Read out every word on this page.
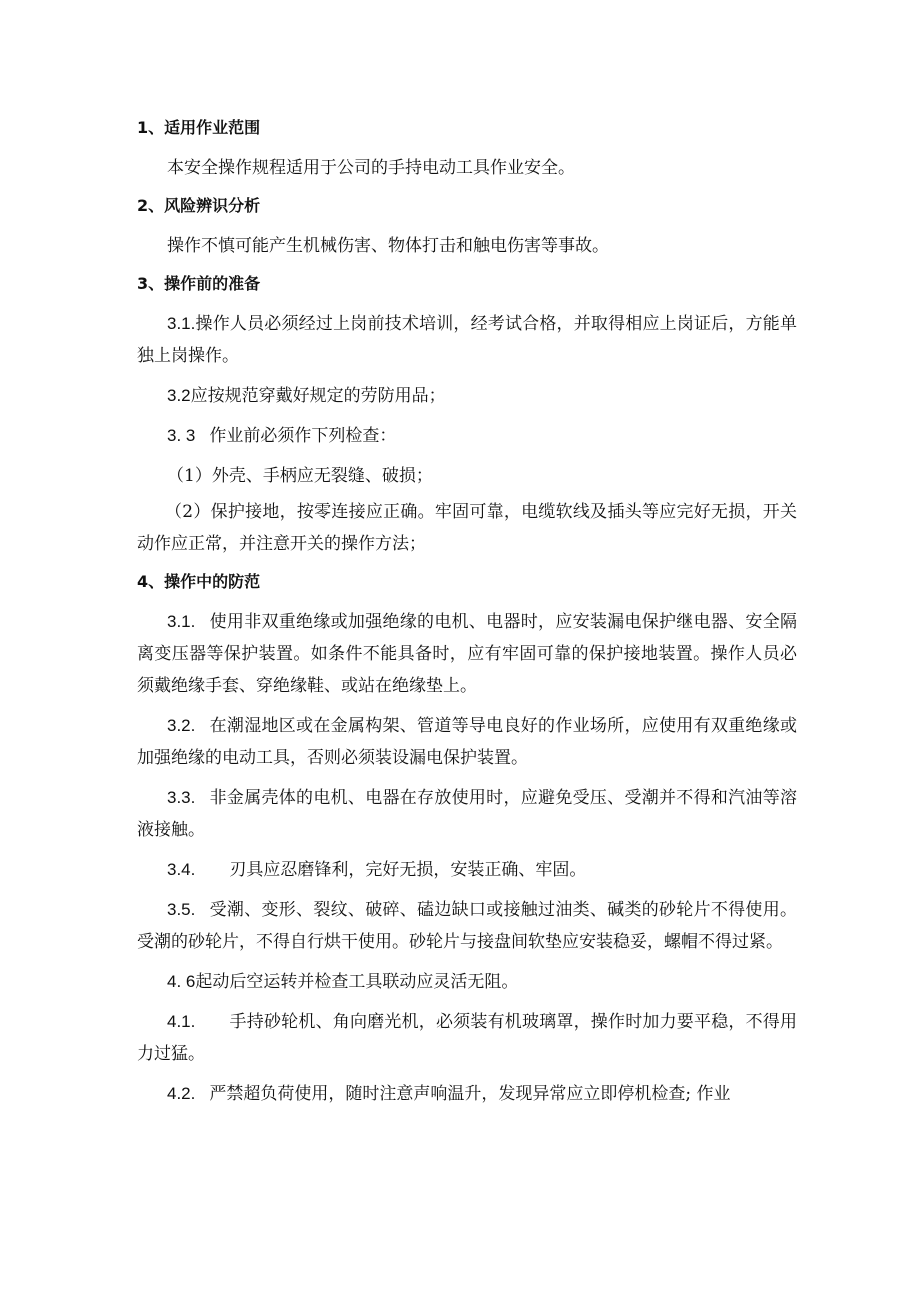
1、适用作业范围
本安全操作规程适用于公司的手持电动工具作业安全。
2、风险辨识分析
操作不慎可能产生机械伤害、物体打击和触电伤害等事故。
3、操作前的准备
3.1.操作人员必须经过上岗前技术培训，经考试合格，并取得相应上岗证后，方能单独上岗操作。
3.2应按规范穿戴好规定的劳防用品；
3. 3 作业前必须作下列检查：
（1）外壳、手柄应无裂缝、破损；
（2）保护接地，按零连接应正确。牢固可靠，电缆软线及插头等应完好无损，开关动作应正常，并注意开关的操作方法；
4、操作中的防范
3.1. 使用非双重绝缘或加强绝缘的电机、电器时，应安装漏电保护继电器、安全隔离变压器等保护装置。如条件不能具备时，应有牢固可靠的保护接地装置。操作人员必须戴绝缘手套、穿绝缘鞋、或站在绝缘垫上。
3.2. 在潮湿地区或在金属构架、管道等导电良好的作业场所，应使用有双重绝缘或加强绝缘的电动工具，否则必须装设漏电保护装置。
3.3. 非金属壳体的电机、电器在存放使用时，应避免受压、受潮并不得和汽油等溶液接触。
3.4. 刃具应忍磨锋利，完好无损，安装正确、牢固。
3.5. 受潮、变形、裂纹、破碎、磕边缺口或接触过油类、碱类的砂轮片不得使用。受潮的砂轮片，不得自行烘干使用。砂轮片与接盘间软垫应安装稳妥，螺帽不得过紧。
4. 6起动后空运转并检查工具联动应灵活无阻。
4.1. 手持砂轮机、角向磨光机，必须装有机玻璃罩，操作时加力要平稳，不得用力过猛。
4.2. 严禁超负荷使用，随时注意声响温升，发现异常应立即停机检查; 作业
